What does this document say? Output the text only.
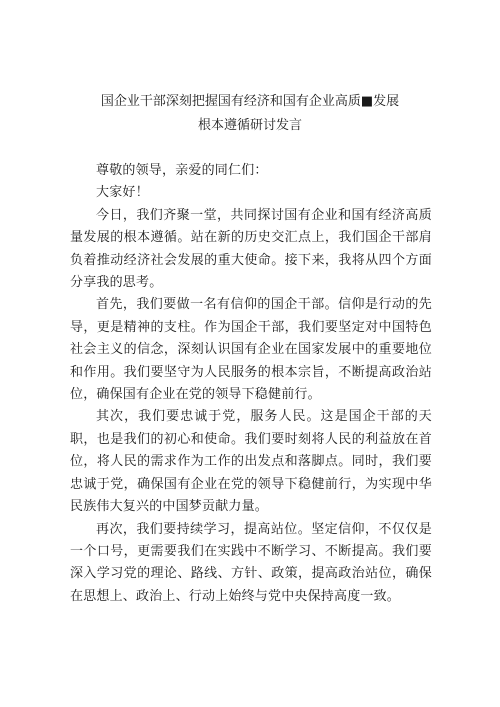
国企业干部深刻把握国有经济和国有企业高质■发展
根本遵循研讨发言

尊敬的领导，亲爱的同仁们：

大家好！

今日，我们齐聚一堂，共同探讨国有企业和国有经济高质量发展的根本遵循。站在新的历史交汇点上，我们国企干部肩负着推动经济社会发展的重大使命。接下来，我将从四个方面分享我的思考。

首先，我们要做一名有信仰的国企干部。信仰是行动的先导，更是精神的支柱。作为国企干部，我们要坚定对中国特色社会主义的信念，深刻认识国有企业在国家发展中的重要地位和作用。我们要坚守为人民服务的根本宗旨，不断提高政治站位，确保国有企业在党的领导下稳健前行。

其次，我们要忠诚于党，服务人民。这是国企干部的天职，也是我们的初心和使命。我们要时刻将人民的利益放在首位，将人民的需求作为工作的出发点和落脚点。同时，我们要忠诚于党，确保国有企业在党的领导下稳健前行，为实现中华民族伟大复兴的中国梦贡献力量。

再次，我们要持续学习，提高站位。坚定信仰，不仅仅是一个口号，更需要我们在实践中不断学习、不断提高。我们要深入学习党的理论、路线、方针、政策，提高政治站位，确保在思想上、政治上、行动上始终与党中央保持高度一致。
